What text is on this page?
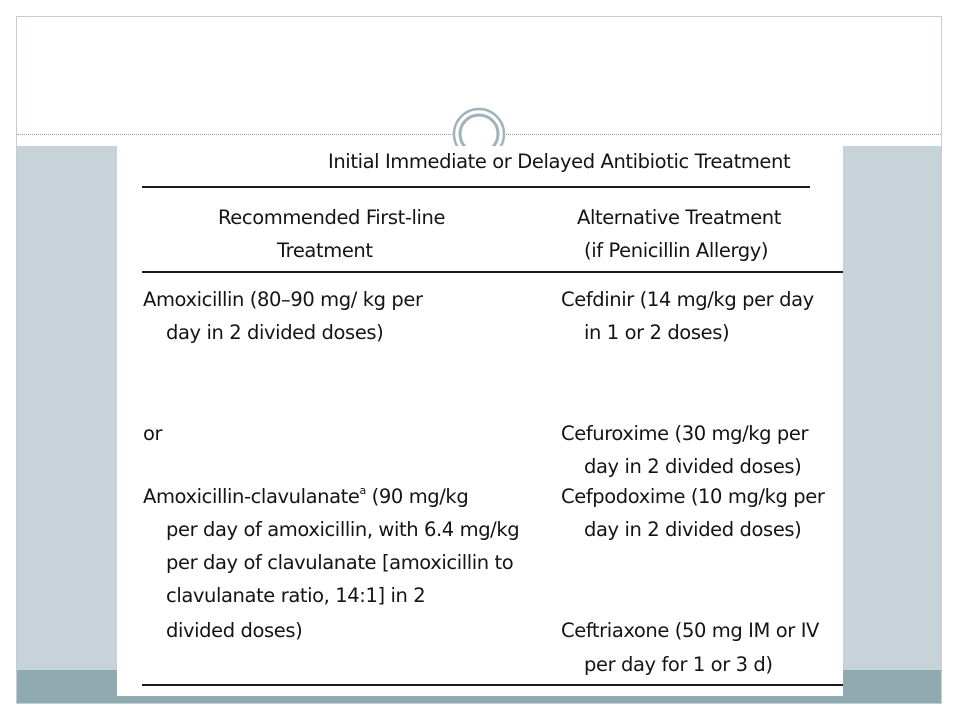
Initial Immediate or Delayed Antibiotic Treatment

Recommended First-line

Treatment

Alternative Treatment

(if Penicillin Allergy)

Amoxicillin (80–90 mg/ kg per

day in 2 divided doses)

or

Amoxicillin-clavulanate$^a$ (90 mg/kg

per day of amoxicillin, with 6.4 mg/kg

per day of clavulanate [amoxicillin to

clavulanate ratio, 14:1] in 2

divided doses)

Cefdinir (14 mg/kg per day

in 1 or 2 doses)

Cefuroxime (30 mg/kg per

day in 2 divided doses)

Cefpodoxime (10 mg/kg per

day in 2 divided doses)

Ceftriaxone (50 mg IM or IV

per day for 1 or 3 d)
